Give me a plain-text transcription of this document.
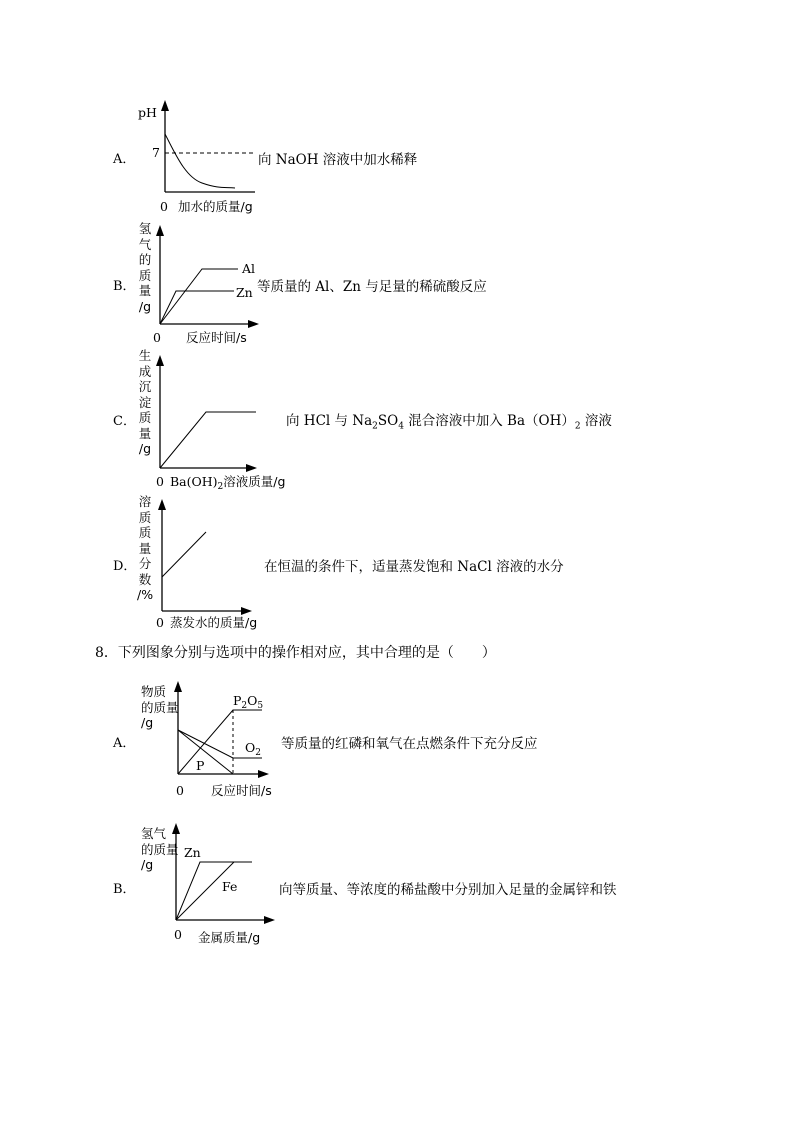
A．
pH
7
0 加水的质量/g
向 NaOH 溶液中加水稀释
B．
氢
气
的
质
量
/g
Al
Zn
0 反应时间/s
等质量的 Al、Zn 与足量的稀硫酸反应
C．
生
成
沉
淀
质
量
/g
0 $Ba(OH)_2$溶液质量/g
向 HCl 与 $Na_2SO_4$ 混合溶液中加入 $Ba(OH)_2$ 溶液
D．
溶
质
质
量
分
数
/%
0 蒸发水的质量/g
在恒温的条件下，适量蒸发饱和 NaCl 溶液的水分
8．下列图象分别与选项中的操作相对应，其中合理的是（　　）
A．
物质
的质量
/g
$P_2O_5$
$O_2$
P
0 反应时间/s
等质量的红磷和氧气在点燃条件下充分反应
B．
氢气
的质量
/g
Zn
Fe
0 金属质量/g
向等质量、等浓度的稀盐酸中分别加入足量的金属锌和铁
